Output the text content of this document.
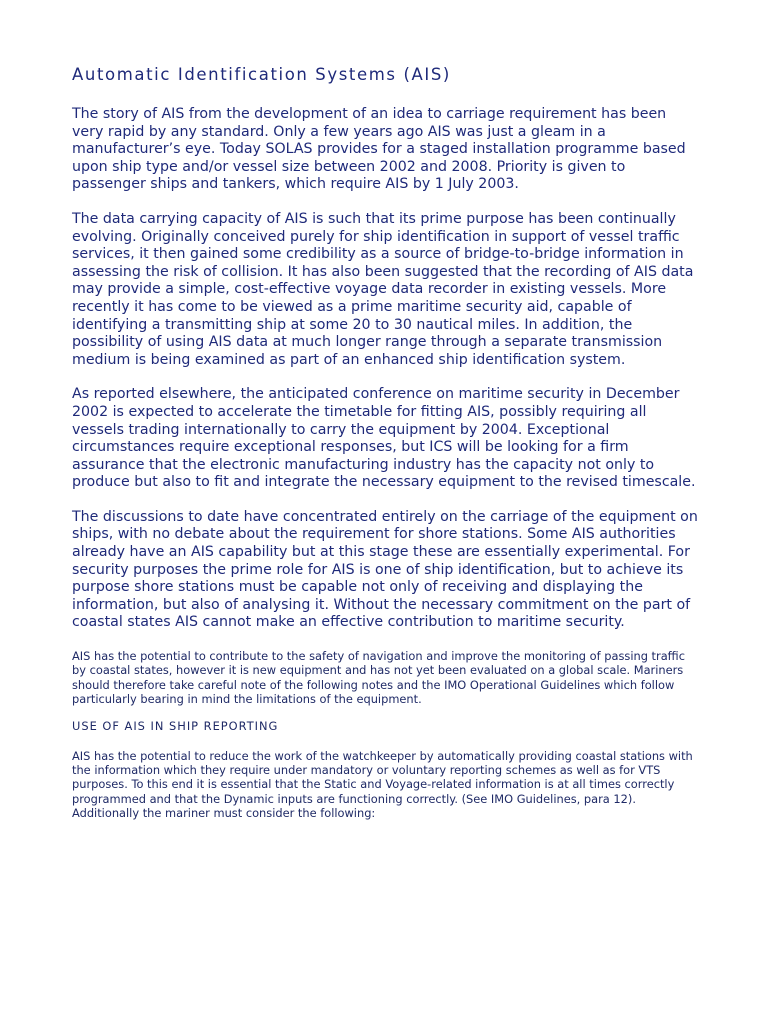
Automatic Identification Systems (AIS)

The story of AIS from the development of an idea to carriage requirement has been very rapid by any standard. Only a few years ago AIS was just a gleam in a manufacturer’s eye. Today SOLAS provides for a staged installation programme based upon ship type and/or vessel size between 2002 and 2008. Priority is given to passenger ships and tankers, which require AIS by 1 July 2003.

The data carrying capacity of AIS is such that its prime purpose has been continually evolving. Originally conceived purely for ship identification in support of vessel traffic services, it then gained some credibility as a source of bridge-to-bridge information in assessing the risk of collision. It has also been suggested that the recording of AIS data may provide a simple, cost-effective voyage data recorder in existing vessels. More recently it has come to be viewed as a prime maritime security aid, capable of identifying a transmitting ship at some 20 to 30 nautical miles. In addition, the possibility of using AIS data at much longer range through a separate transmission medium is being examined as part of an enhanced ship identification system.

As reported elsewhere, the anticipated conference on maritime security in December 2002 is expected to accelerate the timetable for fitting AIS, possibly requiring all vessels trading internationally to carry the equipment by 2004. Exceptional circumstances require exceptional responses, but ICS will be looking for a firm assurance that the electronic manufacturing industry has the capacity not only to produce but also to fit and integrate the necessary equipment to the revised timescale.

The discussions to date have concentrated entirely on the carriage of the equipment on ships, with no debate about the requirement for shore stations. Some AIS authorities already have an AIS capability but at this stage these are essentially experimental. For security purposes the prime role for AIS is one of ship identification, but to achieve its purpose shore stations must be capable not only of receiving and displaying the information, but also of analysing it. Without the necessary commitment on the part of coastal states AIS cannot make an effective contribution to maritime security.

AIS has the potential to contribute to the safety of navigation and improve the monitoring of passing traffic by coastal states, however it is new equipment and has not yet been evaluated on a global scale. Mariners should therefore take careful note of the following notes and the IMO Operational Guidelines which follow particularly bearing in mind the limitations of the equipment.

USE OF AIS IN SHIP REPORTING

AIS has the potential to reduce the work of the watchkeeper by automatically providing coastal stations with the information which they require under mandatory or voluntary reporting schemes as well as for VTS purposes. To this end it is essential that the Static and Voyage-related information is at all times correctly programmed and that the Dynamic inputs are functioning correctly. (See IMO Guidelines, para 12). Additionally the mariner must consider the following:
